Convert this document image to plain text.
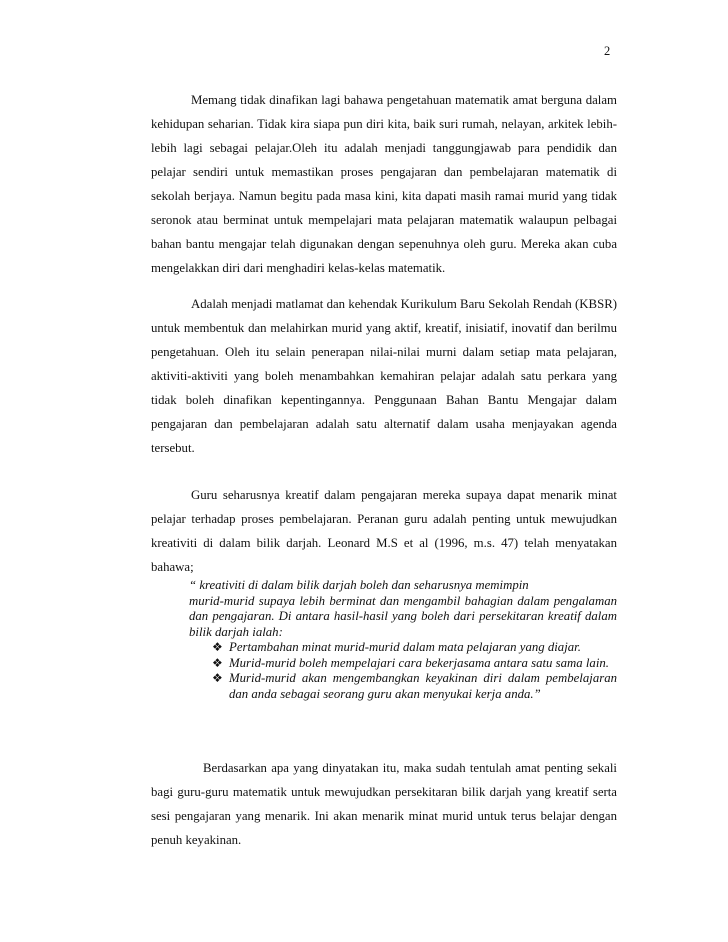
2

Memang tidak dinafikan lagi bahawa pengetahuan matematik amat berguna dalam kehidupan seharian. Tidak kira siapa pun diri kita, baik suri rumah, nelayan, arkitek lebih-lebih lagi sebagai pelajar.Oleh itu adalah menjadi tanggungjawab para pendidik dan pelajar sendiri untuk memastikan proses pengajaran dan pembelajaran matematik di sekolah berjaya. Namun begitu pada masa kini, kita dapati masih ramai murid yang tidak seronok atau berminat untuk mempelajari mata pelajaran matematik walaupun pelbagai bahan bantu mengajar telah digunakan dengan sepenuhnya oleh guru. Mereka akan cuba mengelakkan diri dari menghadiri kelas-kelas matematik.

Adalah menjadi matlamat dan kehendak Kurikulum Baru Sekolah Rendah (KBSR) untuk membentuk dan melahirkan murid yang aktif, kreatif, inisiatif, inovatif dan berilmu pengetahuan. Oleh itu selain penerapan nilai-nilai murni dalam setiap mata pelajaran, aktiviti-aktiviti yang boleh menambahkan kemahiran pelajar adalah satu perkara yang tidak boleh dinafikan kepentingannya. Penggunaan Bahan Bantu Mengajar dalam pengajaran dan pembelajaran adalah satu alternatif dalam usaha menjayakan agenda tersebut.

Guru seharusnya kreatif dalam pengajaran mereka supaya dapat menarik minat pelajar terhadap proses pembelajaran. Peranan guru adalah penting untuk mewujudkan kreativiti di dalam bilik darjah. Leonard M.S et al (1996, m.s. 47) telah menyatakan bahawa;

“ kreativiti di dalam bilik darjah boleh dan seharusnya memimpin
murid-murid supaya lebih berminat dan mengambil bahagian dalam pengalaman dan pengajaran. Di antara hasil-hasil yang boleh dari persekitaran kreatif dalam bilik darjah ialah:
❖ Pertambahan minat murid-murid dalam mata pelajaran yang diajar.
❖ Murid-murid boleh mempelajari cara bekerjasama antara satu sama lain.
❖ Murid-murid akan mengembangkan keyakinan diri dalam pembelajaran dan anda sebagai seorang guru akan menyukai kerja anda.”

Berdasarkan apa yang dinyatakan itu, maka sudah tentulah amat penting sekali bagi guru-guru matematik untuk mewujudkan persekitaran bilik darjah yang kreatif serta sesi pengajaran yang menarik. Ini akan menarik minat murid untuk terus belajar dengan penuh keyakinan.
